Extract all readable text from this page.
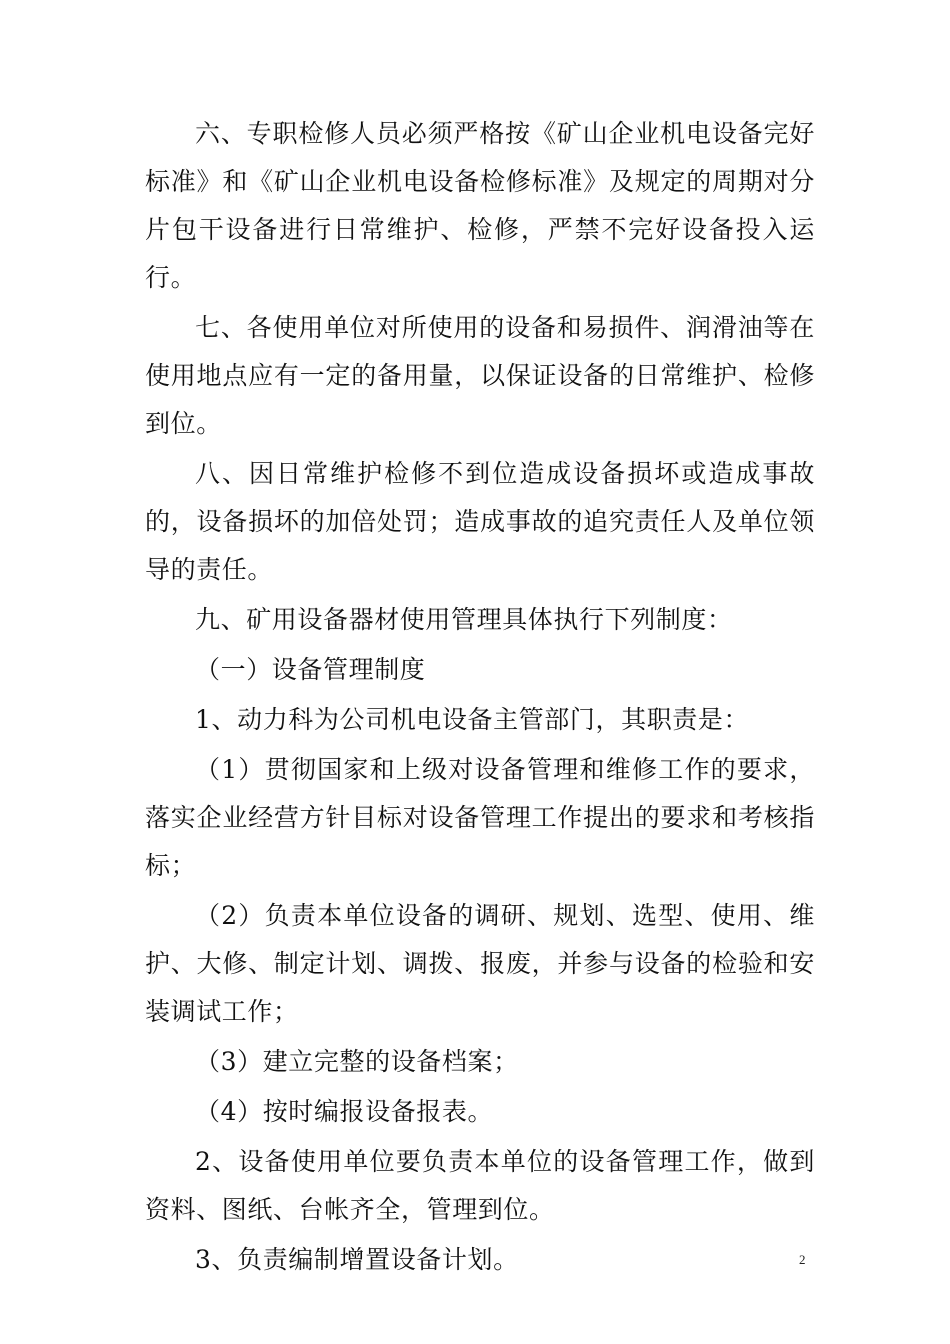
六、专职检修人员必须严格按《矿山企业机电设备完好标准》和《矿山企业机电设备检修标准》及规定的周期对分片包干设备进行日常维护、检修，严禁不完好设备投入运行。

七、各使用单位对所使用的设备和易损件、润滑油等在使用地点应有一定的备用量，以保证设备的日常维护、检修到位。

八、因日常维护检修不到位造成设备损坏或造成事故的，设备损坏的加倍处罚；造成事故的追究责任人及单位领导的责任。

九、矿用设备器材使用管理具体执行下列制度：

（一）设备管理制度

1、动力科为公司机电设备主管部门，其职责是：

（1）贯彻国家和上级对设备管理和维修工作的要求，落实企业经营方针目标对设备管理工作提出的要求和考核指标；

（2）负责本单位设备的调研、规划、选型、使用、维护、大修、制定计划、调拨、报废，并参与设备的检验和安装调试工作；

（3）建立完整的设备档案；

（4）按时编报设备报表。

2、设备使用单位要负责本单位的设备管理工作，做到资料、图纸、台帐齐全，管理到位。

3、负责编制增置设备计划。	2
